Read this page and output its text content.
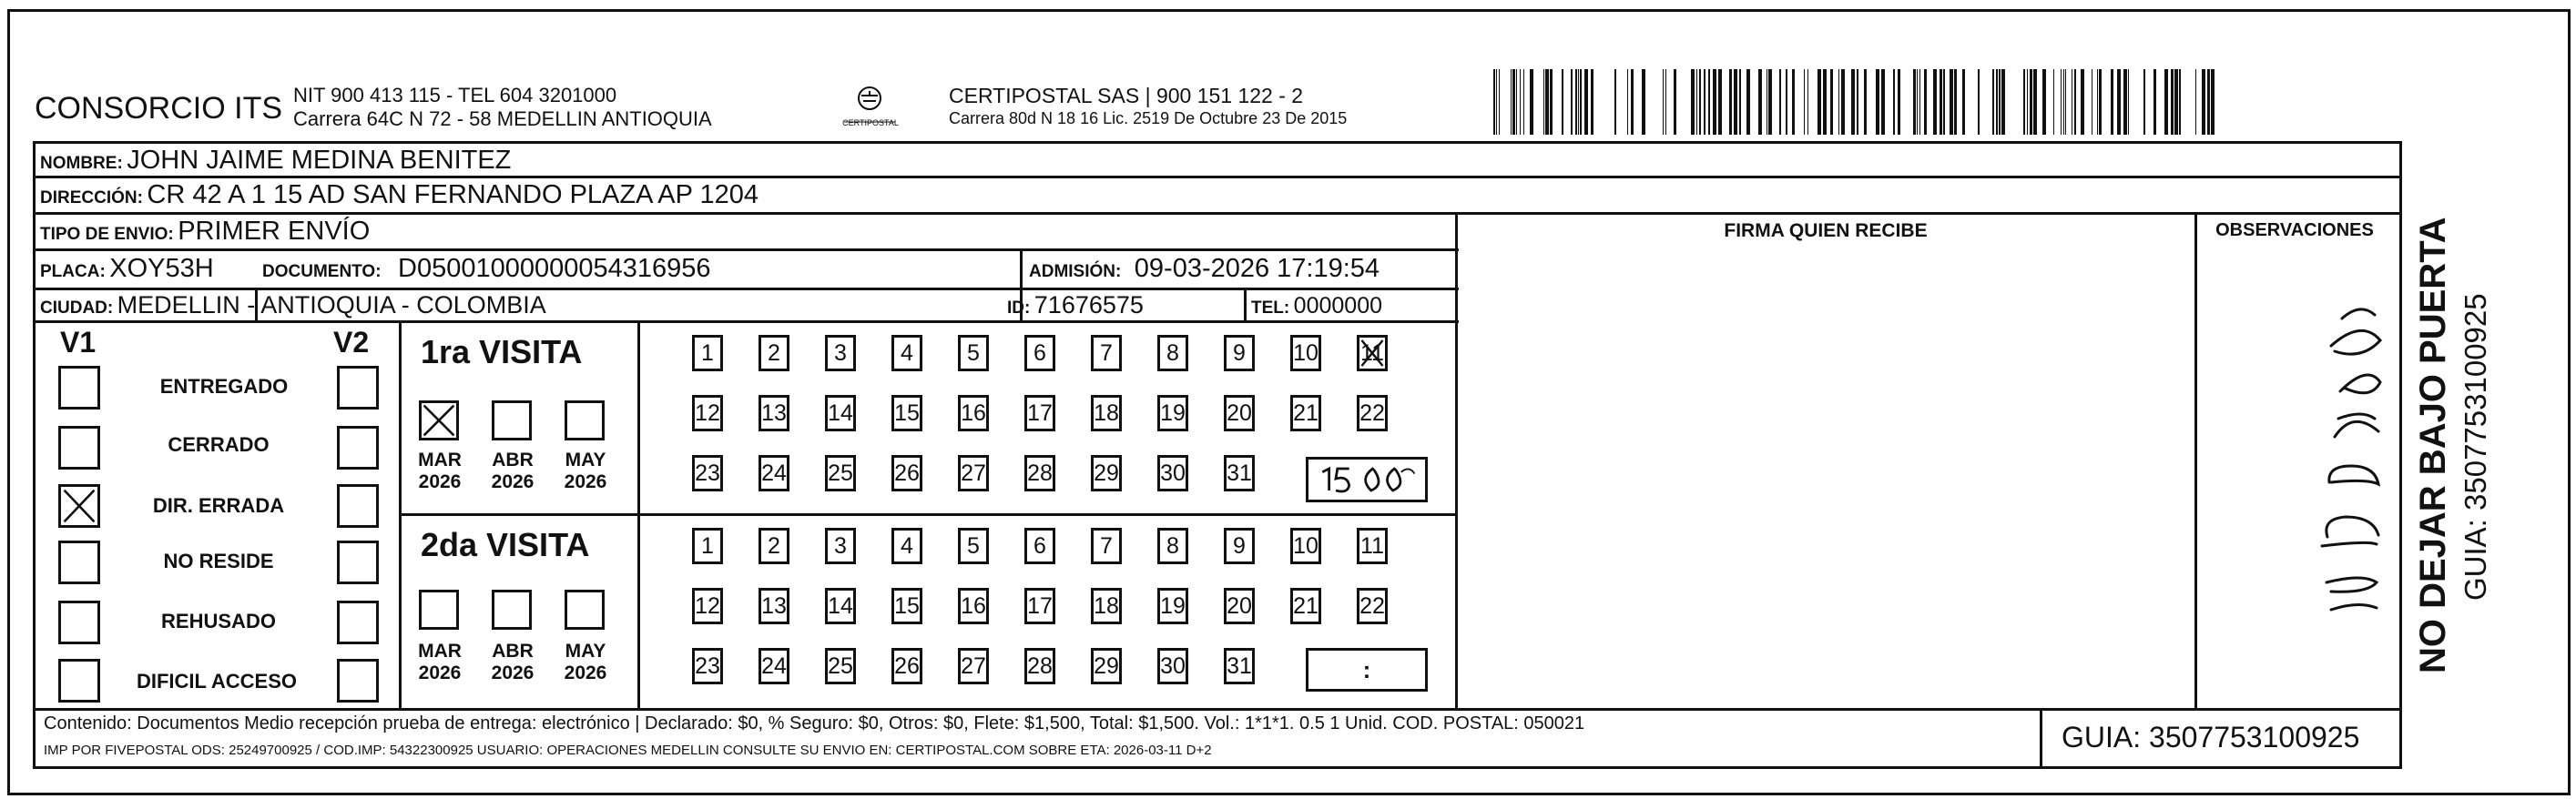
CONSORCIO ITS NIT 900 413 115 - TEL 604 3201000
Carrera 64C N 72 - 58 MEDELLIN ANTIOQUIA	CERTIPOSTAL
CERTIPOSTAL SAS | 900 151 122 - 2
Carrera 80d N 18 16 Lic. 2519 De Octubre 23 De 2015
NOMBRE: JOHN JAIME MEDINA BENITEZ
DIRECCIÓN: CR 42 A 1 15 AD SAN FERNANDO PLAZA AP 1204
TIPO DE ENVIO: PRIMER ENVÍO	FIRMA QUIEN RECIBE	OBSERVACIONES
PLACA: XOY53H	DOCUMENTO: D05001000000054316956	ADMISIÓN: 09-03-2026 17:19:54
CIUDAD: MEDELLIN - ANTIOQUIA - COLOMBIA	ID: 71676575	TEL: 0000000
V1	V2
ENTREGADO
CERRADO
DIR. ERRADA
NO RESIDE
REHUSADO
DIFICIL ACCESO
1ra VISITA
MAR
2026
ABR
2026
MAY
2026
2da VISITA
MAR
2026
ABR
2026
MAY
2026
1	2	3	4	5	6	7	8	9	10 11
12 13 14 15 16 17 18 19 20 21 22
23 24 25 26 27 28 29 30 31
1	2	3	4	5	6	7	8	9	10 11
12 13 14 15 16 17 18 19 20 21 22
23 24 25 26 27 28 29 30 31	:	NO DEJAR BAJO PUERTA GUIA: 3507753100925
Contenido: Documentos Medio recepción prueba de entrega: electrónico | Declarado: $0, % Seguro: $0, Otros: $0, Flete: $1,500, Total: $1,500. Vol.: 1*1*1. 0.5 1 Unid. COD. POSTAL: 050021
IMP POR FIVEPOSTAL ODS: 25249700925 / COD.IMP: 54322300925 USUARIO: OPERACIONES MEDELLIN CONSULTE SU ENVIO EN: CERTIPOSTAL.COM SOBRE ETA: 2026-03-11 D+2	GUIA: 3507753100925
